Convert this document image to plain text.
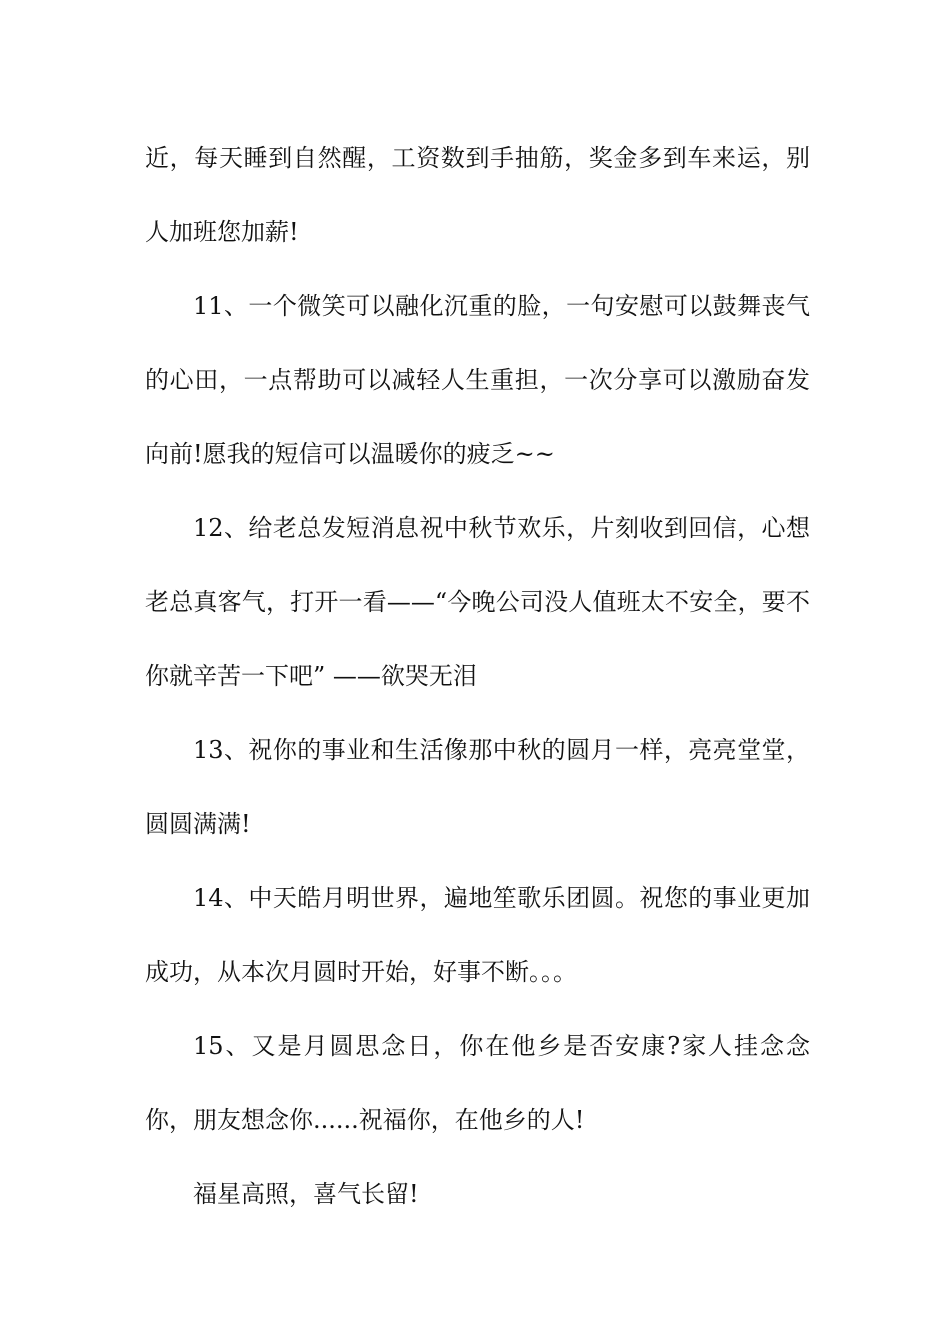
近，每天睡到自然醒，工资数到手抽筋，奖金多到车来运，别人加班您加薪!

11、一个微笑可以融化沉重的脸，一句安慰可以鼓舞丧气的心田，一点帮助可以减轻人生重担，一次分享可以激励奋发向前!愿我的短信可以温暖你的疲乏~~

12、给老总发短消息祝中秋节欢乐，片刻收到回信，心想老总真客气，打开一看——“今晚公司没人值班太不安全，要不你就辛苦一下吧” ——欲哭无泪

13、祝你的事业和生活像那中秋的圆月一样，亮亮堂堂，圆圆满满!

14、中天皓月明世界，遍地笙歌乐团圆。祝您的事业更加成功，从本次月圆时开始，好事不断。。。

15、又是月圆思念日，你在他乡是否安康?家人挂念念你，朋友想念你......祝福你，在他乡的人!

福星高照，喜气长留!
